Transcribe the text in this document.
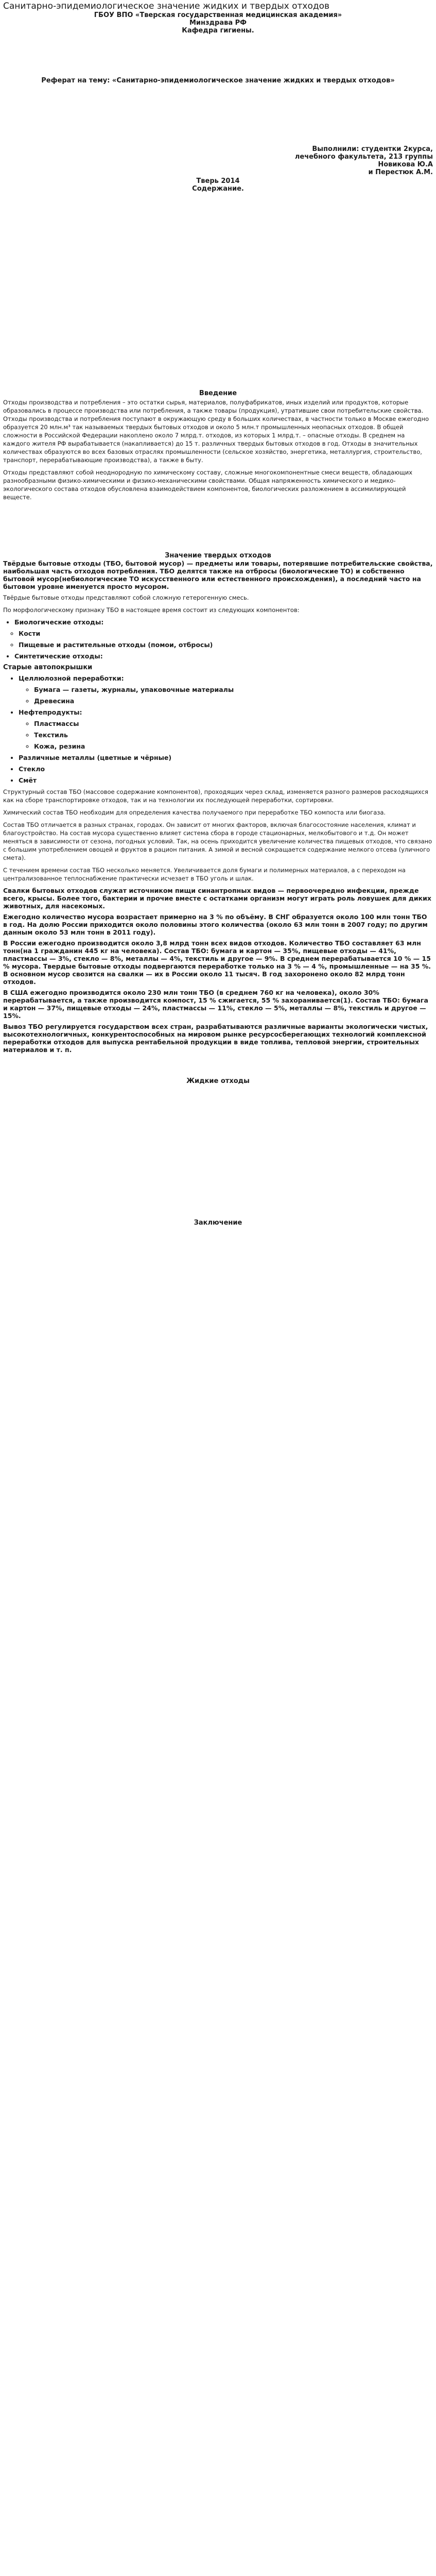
Санитарно-эпидемиологическое значение жидких и твердых отходов
ГБОУ ВПО «Тверская государственная медицинская академия»
Минздрава РФ
Кафедра гигиены.
Реферат на тему: «Санитарно-эпидемиологическое значение жидких и твердых отходов»
Выполнили: студентки 2курса,
лечебного факультета, 213 группы
Новикова Ю.А
и Перестюк А.М.
Тверь 2014
Содержание.
Введение

Отходы производства и потребления – это остатки сырья, материалов, полуфабрикатов, иных изделий или продуктов, которые образовались в процессе производства или потребления, а также товары (продукция), утратившие свои потребительские свойства. Отходы производства и потребления поступают в окружающую среду в больших количествах, в частности только в Москве ежегодно образуется 20 млн.м³ так называемых твердых бытовых отходов и около 5 млн.т промышленных неопасных отходов. В общей сложности в Российской Федерации накоплено около 7 млрд.т. отходов, из которых 1 млрд.т. – опасные отходы. В среднем на каждого жителя РФ вырабатывается (накапливается) до 15 т. различных твердых бытовых отходов в год. Отходы в значительных количествах образуются во всех базовых отраслях промышленности (сельское хозяйство, энергетика, металлургия, строительство, транспорт, перерабатывающие производства), а также в быту.

Отходы представляют собой неоднородную по химическому составу, сложные многокомпонентные смеси веществ, обладающих разнообразными физико-химическими и физико-механическими свойствами. Общая напряженность химического и медико-экологического состава отходов обусловлена взаимодействием компонентов, биологических разложением в ассимилирующей вещесте.

Значение твердых отходов

Твёрдые бытовые отходы (ТБО, бытовой мусор) — предметы или товары, потерявшие потребительские свойства, наибольшая часть отходов потребления. ТБО делятся также на отбросы (биологические ТО) и собственно бытовой мусор(небиологические ТО искусственного или естественного происхождения), а последний часто на бытовом уровне именуется просто мусором.

Твёрдые бытовые отходы представляют собой сложную гетерогенную смесь.

По морфологическому признаку ТБО в настоящее время состоит из следующих компонентов:

• Биологические отходы:
◦ Кости
◦ Пищевые и растительные отходы (помои, отбросы)
• Синтетические отходы:
Старые автопокрышки
• Целлюлозной переработки:
◦ Бумага — газеты, журналы, упаковочные материалы
◦ Древесина
• Нефтепродукты:
◦ Пластмассы
◦ Текстиль
◦ Кожа, резина
• Различные металлы (цветные и чёрные)
• Стекло
• Смёт

Структурный состав ТБО (массовое содержание компонентов), проходящих через склад, изменяется разного размеров расходящихся как на сборе транспортировке отходов, так и на технологии их последующей переработки, сортировки.

Химический состав ТБО необходим для определения качества получаемого при переработке ТБО компоста или биогаза.

Состав ТБО отличается в разных странах, городах. Он зависит от многих факторов, включая благосостояние населения, климат и благоустройство. На состав мусора существенно влияет система сбора в городе стационарных, мелкобытового и т.д. Он может меняться в зависимости от сезона, погодных условий. Так, на осень приходится увеличение количества пищевых отходов, что связано с большим употреблением овощей и фруктов в рацион питания. А зимой и весной сокращается содержание мелкого отсева (уличного смета).

С течением времени состав ТБО несколько меняется. Увеличивается доля бумаги и полимерных материалов, а с переходом на централизованное теплоснабжение практически исчезает в ТБО уголь и шлак.

Свалки бытовых отходов служат источником пищи синантропных видов — первоочередно инфекции, прежде всего, крысы. Более того, бактерии и прочие вместе с остатками организм могут играть роль ловушек для диких животных, для насекомых.

Ежегодно количество мусора возрастает примерно на 3 % по объёму. В СНГ образуется около 100 млн тонн ТБО в год. На долю России приходится около половины этого количества (около 63 млн тонн в 2007 году; по другим данным около 53 млн тонн в 2011 году).

В России ежегодно производится около 3,8 млрд тонн всех видов отходов. Количество ТБО составляет 63 млн тонн(на 1 гражданин 445 кг на человека). Состав ТБО: бумага и картон — 35%, пищевые отходы — 41%, пластмассы — 3%, стекло — 8%, металлы — 4%, текстиль и другое — 9%. В среднем перерабатывается 10 % — 15 % мусора. Твердые бытовые отходы подвергаются переработке только на 3 % — 4 %, промышленные — на 35 %. В основном мусор свозится на свалки — их в России около 11 тысяч. В год захоронено около 82 млрд тонн отходов.

В США ежегодно производится около 230 млн тонн ТБО (в среднем 760 кг на человека), около 30% перерабатывается, а также производится компост, 15 % сжигается, 55 % захоранивается(1). Состав ТБО: бумага и картон — 37%, пищевые отходы — 24%, пластмассы — 11%, стекло — 5%, металлы — 8%, текстиль и другое — 15%.

Вывоз ТБО регулируется государством всех стран, разрабатываются различные варианты экологически чистых, высокотехнологичных, конкурентоспособных на мировом рынке ресурсосберегающих технологий комплексной переработки отходов для выпуска рентабельной продукции в виде топлива, тепловой энергии, строительных материалов и т. п.

Жидкие отходы
Заключение
